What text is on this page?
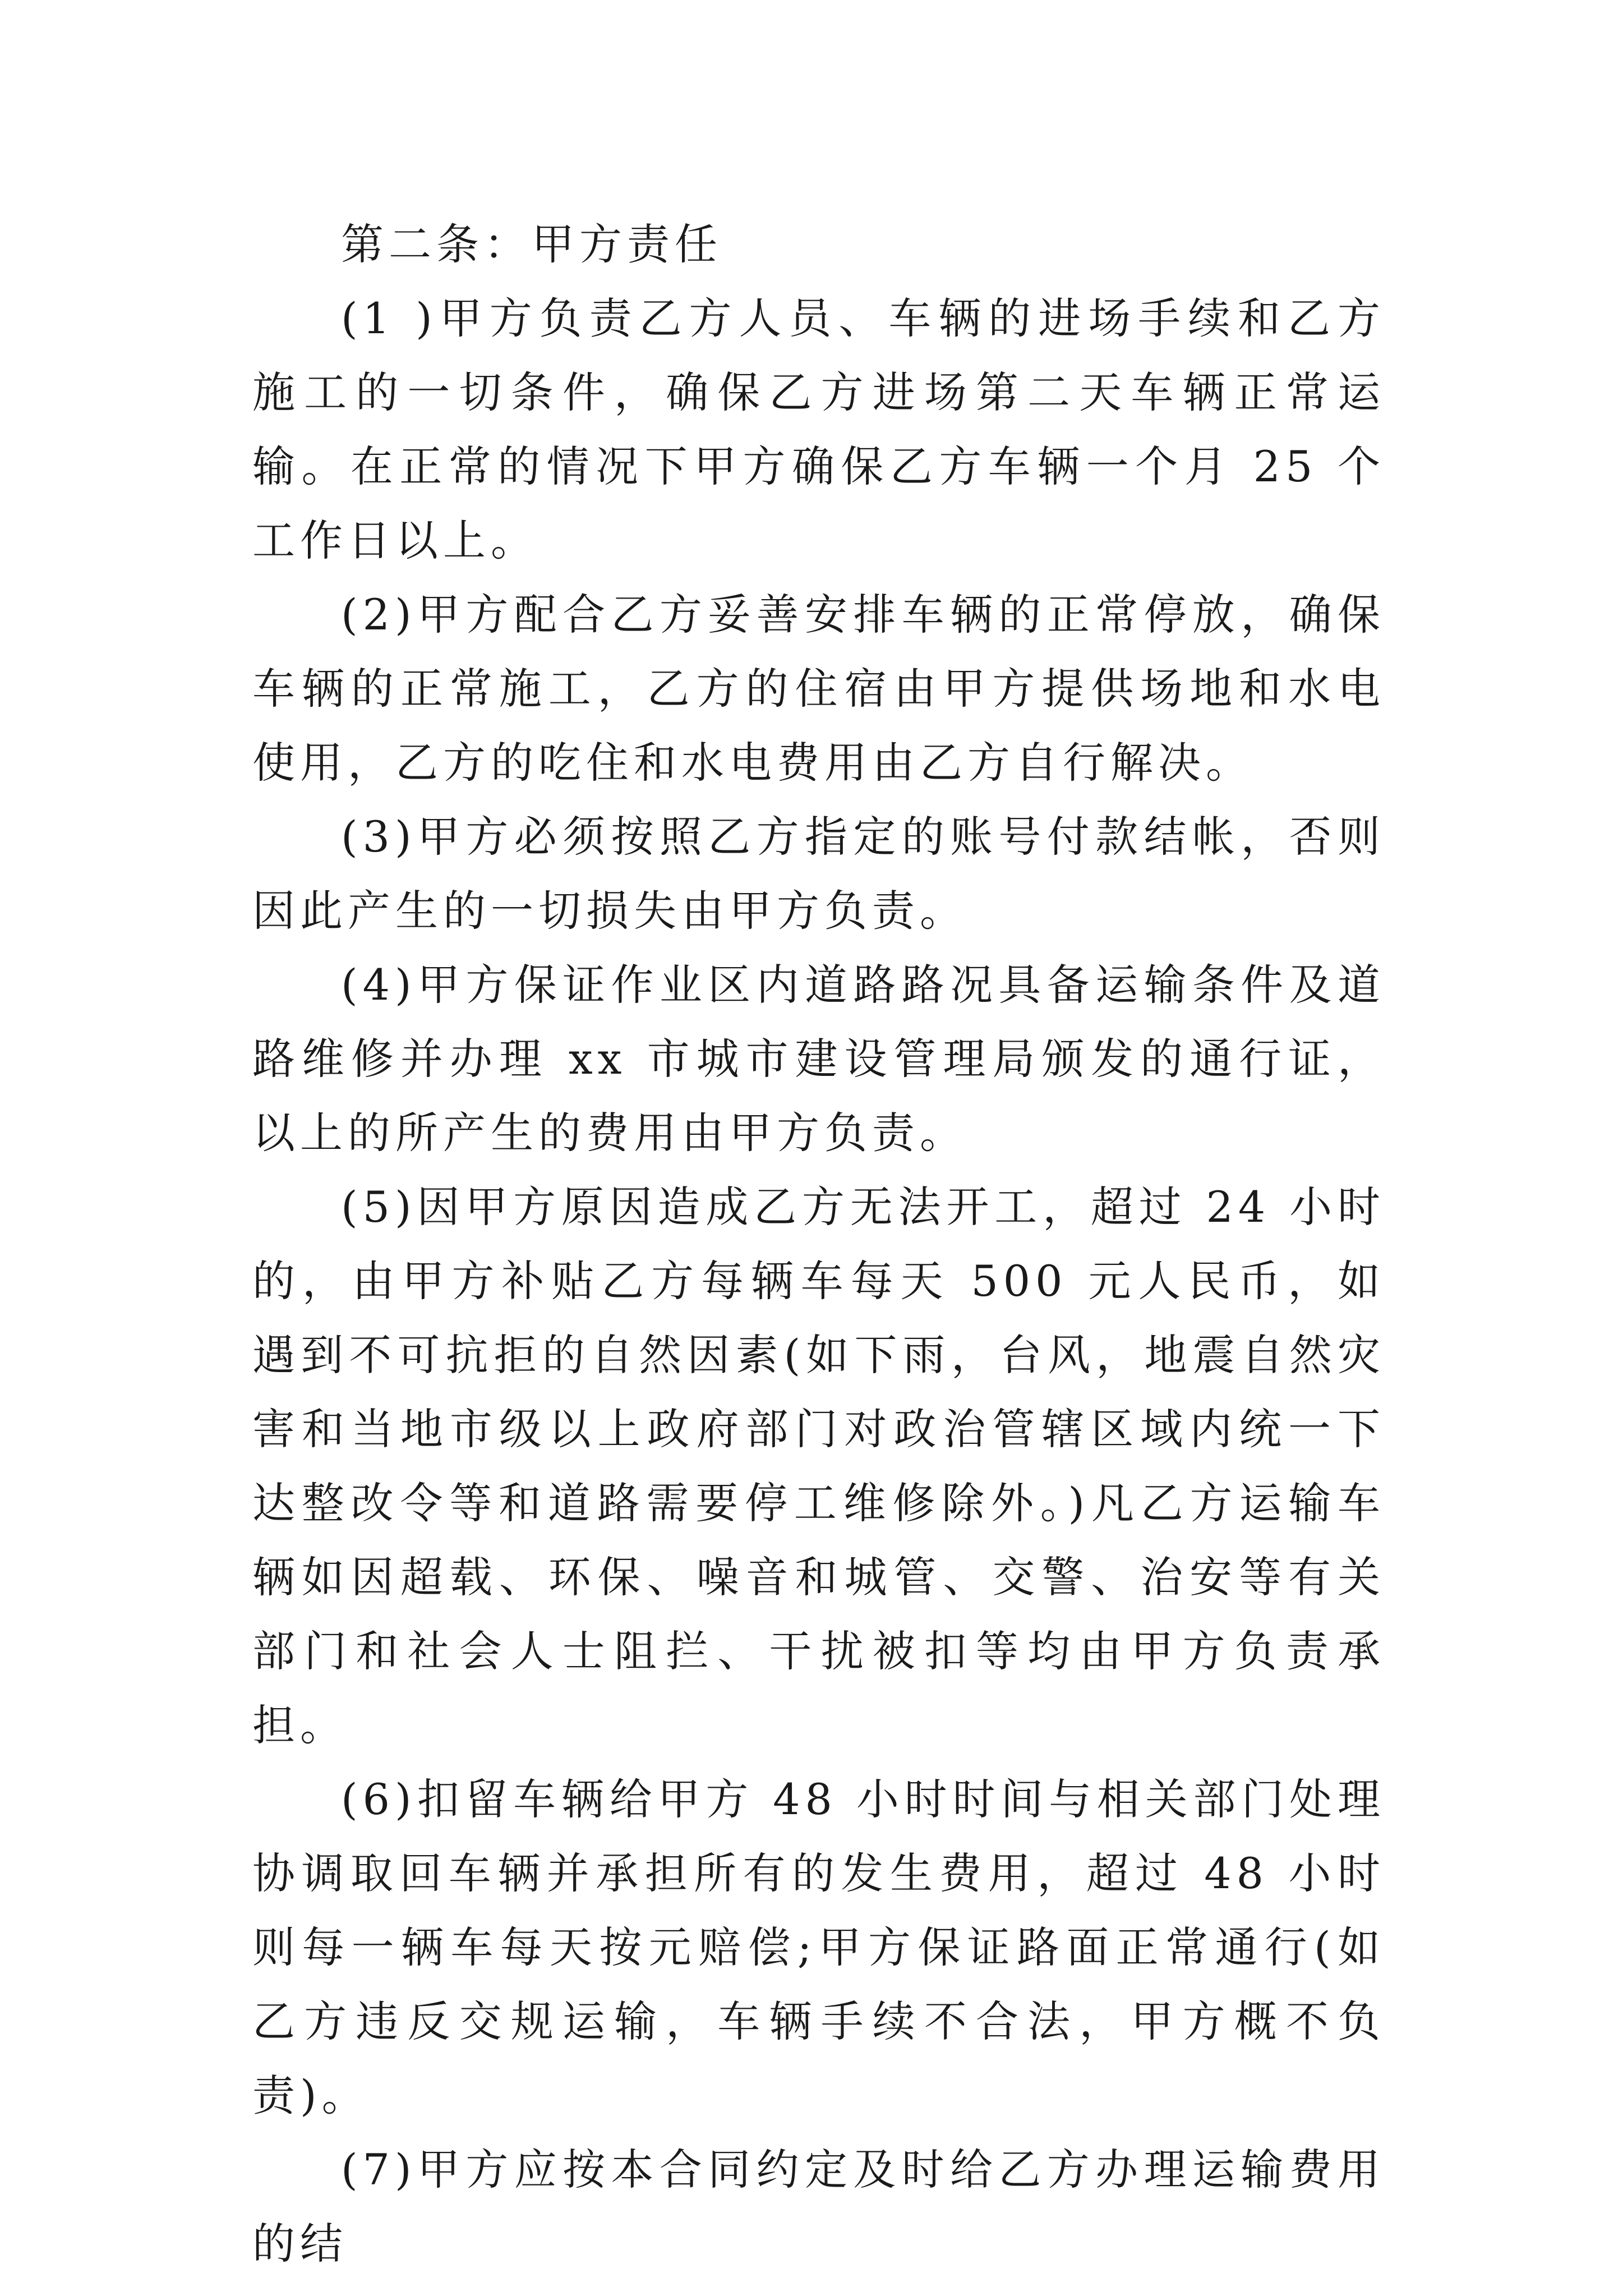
第二条：甲方责任

(1 )甲方负责乙方人员、车辆的进场手续和乙方施工的一切条件，确保乙方进场第二天车辆正常运输。在正常的情况下甲方确保乙方车辆一个月 25 个工作日以上。

(2)甲方配合乙方妥善安排车辆的正常停放，确保车辆的正常施工，乙方的住宿由甲方提供场地和水电使用，乙方的吃住和水电费用由乙方自行解决。

(3)甲方必须按照乙方指定的账号付款结帐，否则因此产生的一切损失由甲方负责。

(4)甲方保证作业区内道路路况具备运输条件及道路维修并办理 xx 市城市建设管理局颁发的通行证，以上的所产生的费用由甲方负责。

(5)因甲方原因造成乙方无法开工，超过 24 小时的，由甲方补贴乙方每辆车每天 500 元人民币，如遇到不可抗拒的自然因素(如下雨，台风，地震自然灾害和当地市级以上政府部门对政治管辖区域内统一下达整改令等和道路需要停工维修除外。)凡乙方运输车辆如因超载、环保、噪音和城管、交警、治安等有关部门和社会人士阻拦、干扰被扣等均由甲方负责承担。

(6)扣留车辆给甲方 48 小时时间与相关部门处理协调取回车辆并承担所有的发生费用，超过 48 小时则每一辆车每天按元赔偿;甲方保证路面正常通行(如乙方违反交规运输，车辆手续不合法，甲方概不负责)。

(7)甲方应按本合同约定及时给乙方办理运输费用的结
